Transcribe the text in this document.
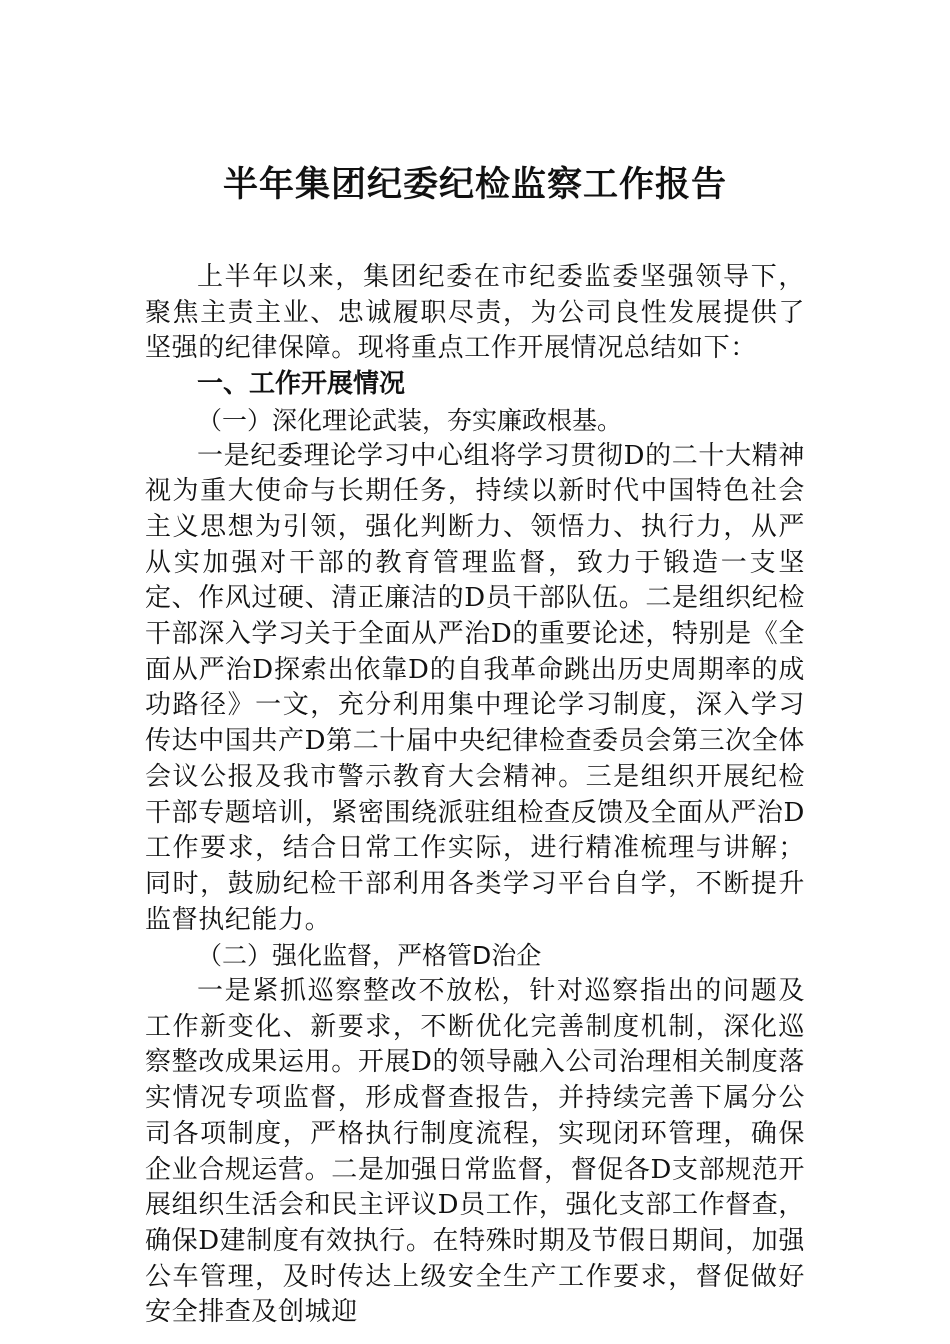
半年集团纪委纪检监察工作报告

上半年以来，集团纪委在市纪委监委坚强领导下，聚焦主责主业、忠诚履职尽责，为公司良性发展提供了坚强的纪律保障。现将重点工作开展情况总结如下：

一、工作开展情况

（一）深化理论武装，夯实廉政根基。

一是纪委理论学习中心组将学习贯彻D的二十大精神视为重大使命与长期任务，持续以新时代中国特色社会主义思想为引领，强化判断力、领悟力、执行力，从严从实加强对干部的教育管理监督，致力于锻造一支坚定、作风过硬、清正廉洁的D员干部队伍。二是组织纪检干部深入学习关于全面从严治D的重要论述，特别是《全面从严治D探索出依靠D的自我革命跳出历史周期率的成功路径》一文，充分利用集中理论学习制度，深入学习传达中国共产D第二十届中央纪律检查委员会第三次全体会议公报及我市警示教育大会精神。三是组织开展纪检干部专题培训，紧密围绕派驻组检查反馈及全面从严治D工作要求，结合日常工作实际，进行精准梳理与讲解；同时，鼓励纪检干部利用各类学习平台自学，不断提升监督执纪能力。

（二）强化监督，严格管D治企

一是紧抓巡察整改不放松，针对巡察指出的问题及工作新变化、新要求，不断优化完善制度机制，深化巡察整改成果运用。开展D的领导融入公司治理相关制度落实情况专项监督，形成督查报告，并持续完善下属分公司各项制度，严格执行制度流程，实现闭环管理，确保企业合规运营。二是加强日常监督，督促各D支部规范开展组织生活会和民主评议D员工作，强化支部工作督查，确保D建制度有效执行。在特殊时期及节假日期间，加强公车管理，及时传达上级安全生产工作要求，督促做好安全排查及创城迎
